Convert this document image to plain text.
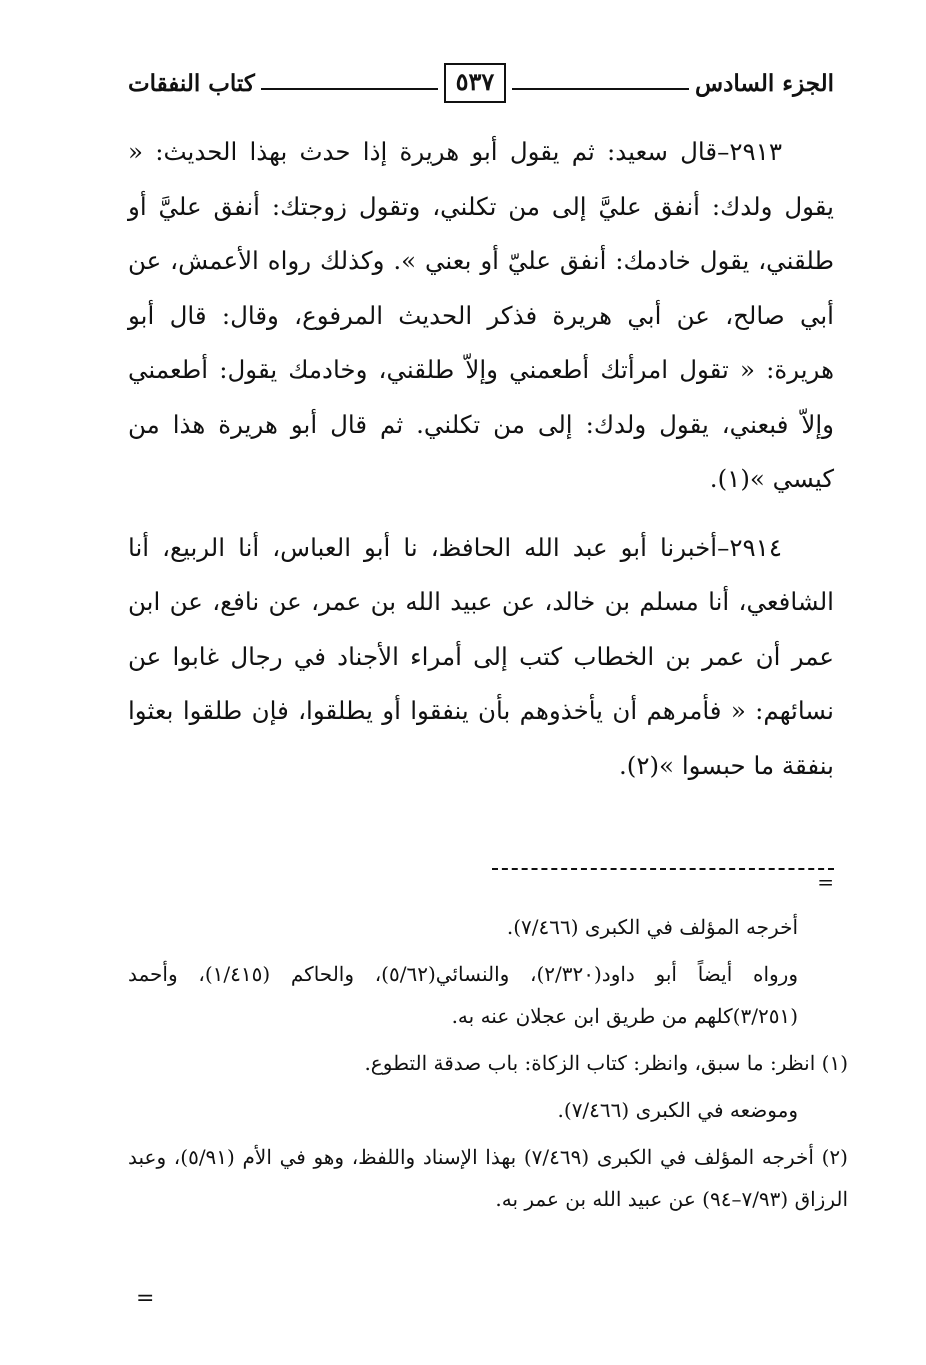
الجزء السادس
٥٣٧
كتاب النفقات

٢٩١٣–قال سعيد: ثم يقول أبو هريرة إذا حدث بهذا الحديث: « يقول ولدك: أنفق عليَّ إلى من تكلني، وتقول زوجتك: أنفق عليَّ أو طلقني، يقول خادمك: أنفق عليّ أو بعني ». وكذلك رواه الأعمش، عن أبي صالح، عن أبي هريرة فذكر الحديث المرفوع، وقال: قال أبو هريرة: « تقول امرأتك أطعمني وإلاّ طلقني، وخادمك يقول: أطعمني وإلاّ فبعني، يقول ولدك: إلى من تكلني. ثم قال أبو هريرة هذا من كيسي »(١).

٢٩١٤–أخبرنا أبو عبد الله الحافظ، نا أبو العباس، أنا الربيع، أنا الشافعي، أنا مسلم بن خالد، عن عبيد الله بن عمر، عن نافع، عن ابن عمر أن عمر بن الخطاب كتب إلى أمراء الأجناد في رجال غابوا عن نسائهم: « فأمرهم أن يأخذوهم بأن ينفقوا أو يطلقوا، فإن طلقوا بعثوا بنفقة ما حبسوا »(٢).

=

أخرجه المؤلف في الكبرى (٧/٤٦٦).

ورواه أيضاً أبو داود(٢/٣٢٠)، والنسائي(٥/٦٢)، والحاكم (١/٤١٥)، وأحمد (٣/٢٥١)كلهم من طريق ابن عجلان عنه به.

(١) انظر: ما سبق، وانظر: كتاب الزكاة: باب صدقة التطوع.

وموضعه في الكبرى (٧/٤٦٦).

(٢) أخرجه المؤلف في الكبرى (٧/٤٦٩) بهذا الإسناد واللفظ، وهو في الأم (٥/٩١)، وعبد الرزاق (٧/٩٣–٩٤) عن عبيد الله بن عمر به.

=
